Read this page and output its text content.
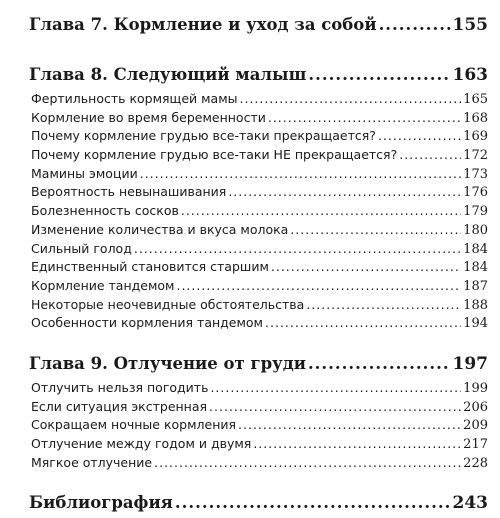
Глава 7. Кормление и уход за собой .....	155
Глава 8. Следующий малыш .....	163
Фертильность кормящей мамы .....	165
Кормление во время беременности .....	168
Почему кормление грудью все-таки прекращается? .....	169
Почему кормление грудью все-таки НЕ прекращается? .....	172
Мамины эмоции .....	173
Вероятность невынашивания .....	176
Болезненность сосков .....	179
Изменение количества и вкуса молока .....	180
Сильный голод .....	184
Единственный становится старшим .....	184
Кормление тандемом .....	187
Некоторые неочевидные обстоятельства .....	188
Особенности кормления тандемом .....	194
Глава 9. Отлучение от груди .....	197
Отлучить нельзя погодить .....	199
Если ситуация экстренная .....	206
Сокращаем ночные кормления .....	209
Отлучение между годом и двумя .....	217
Мягкое отлучение .....	228
Библиография .....	243
